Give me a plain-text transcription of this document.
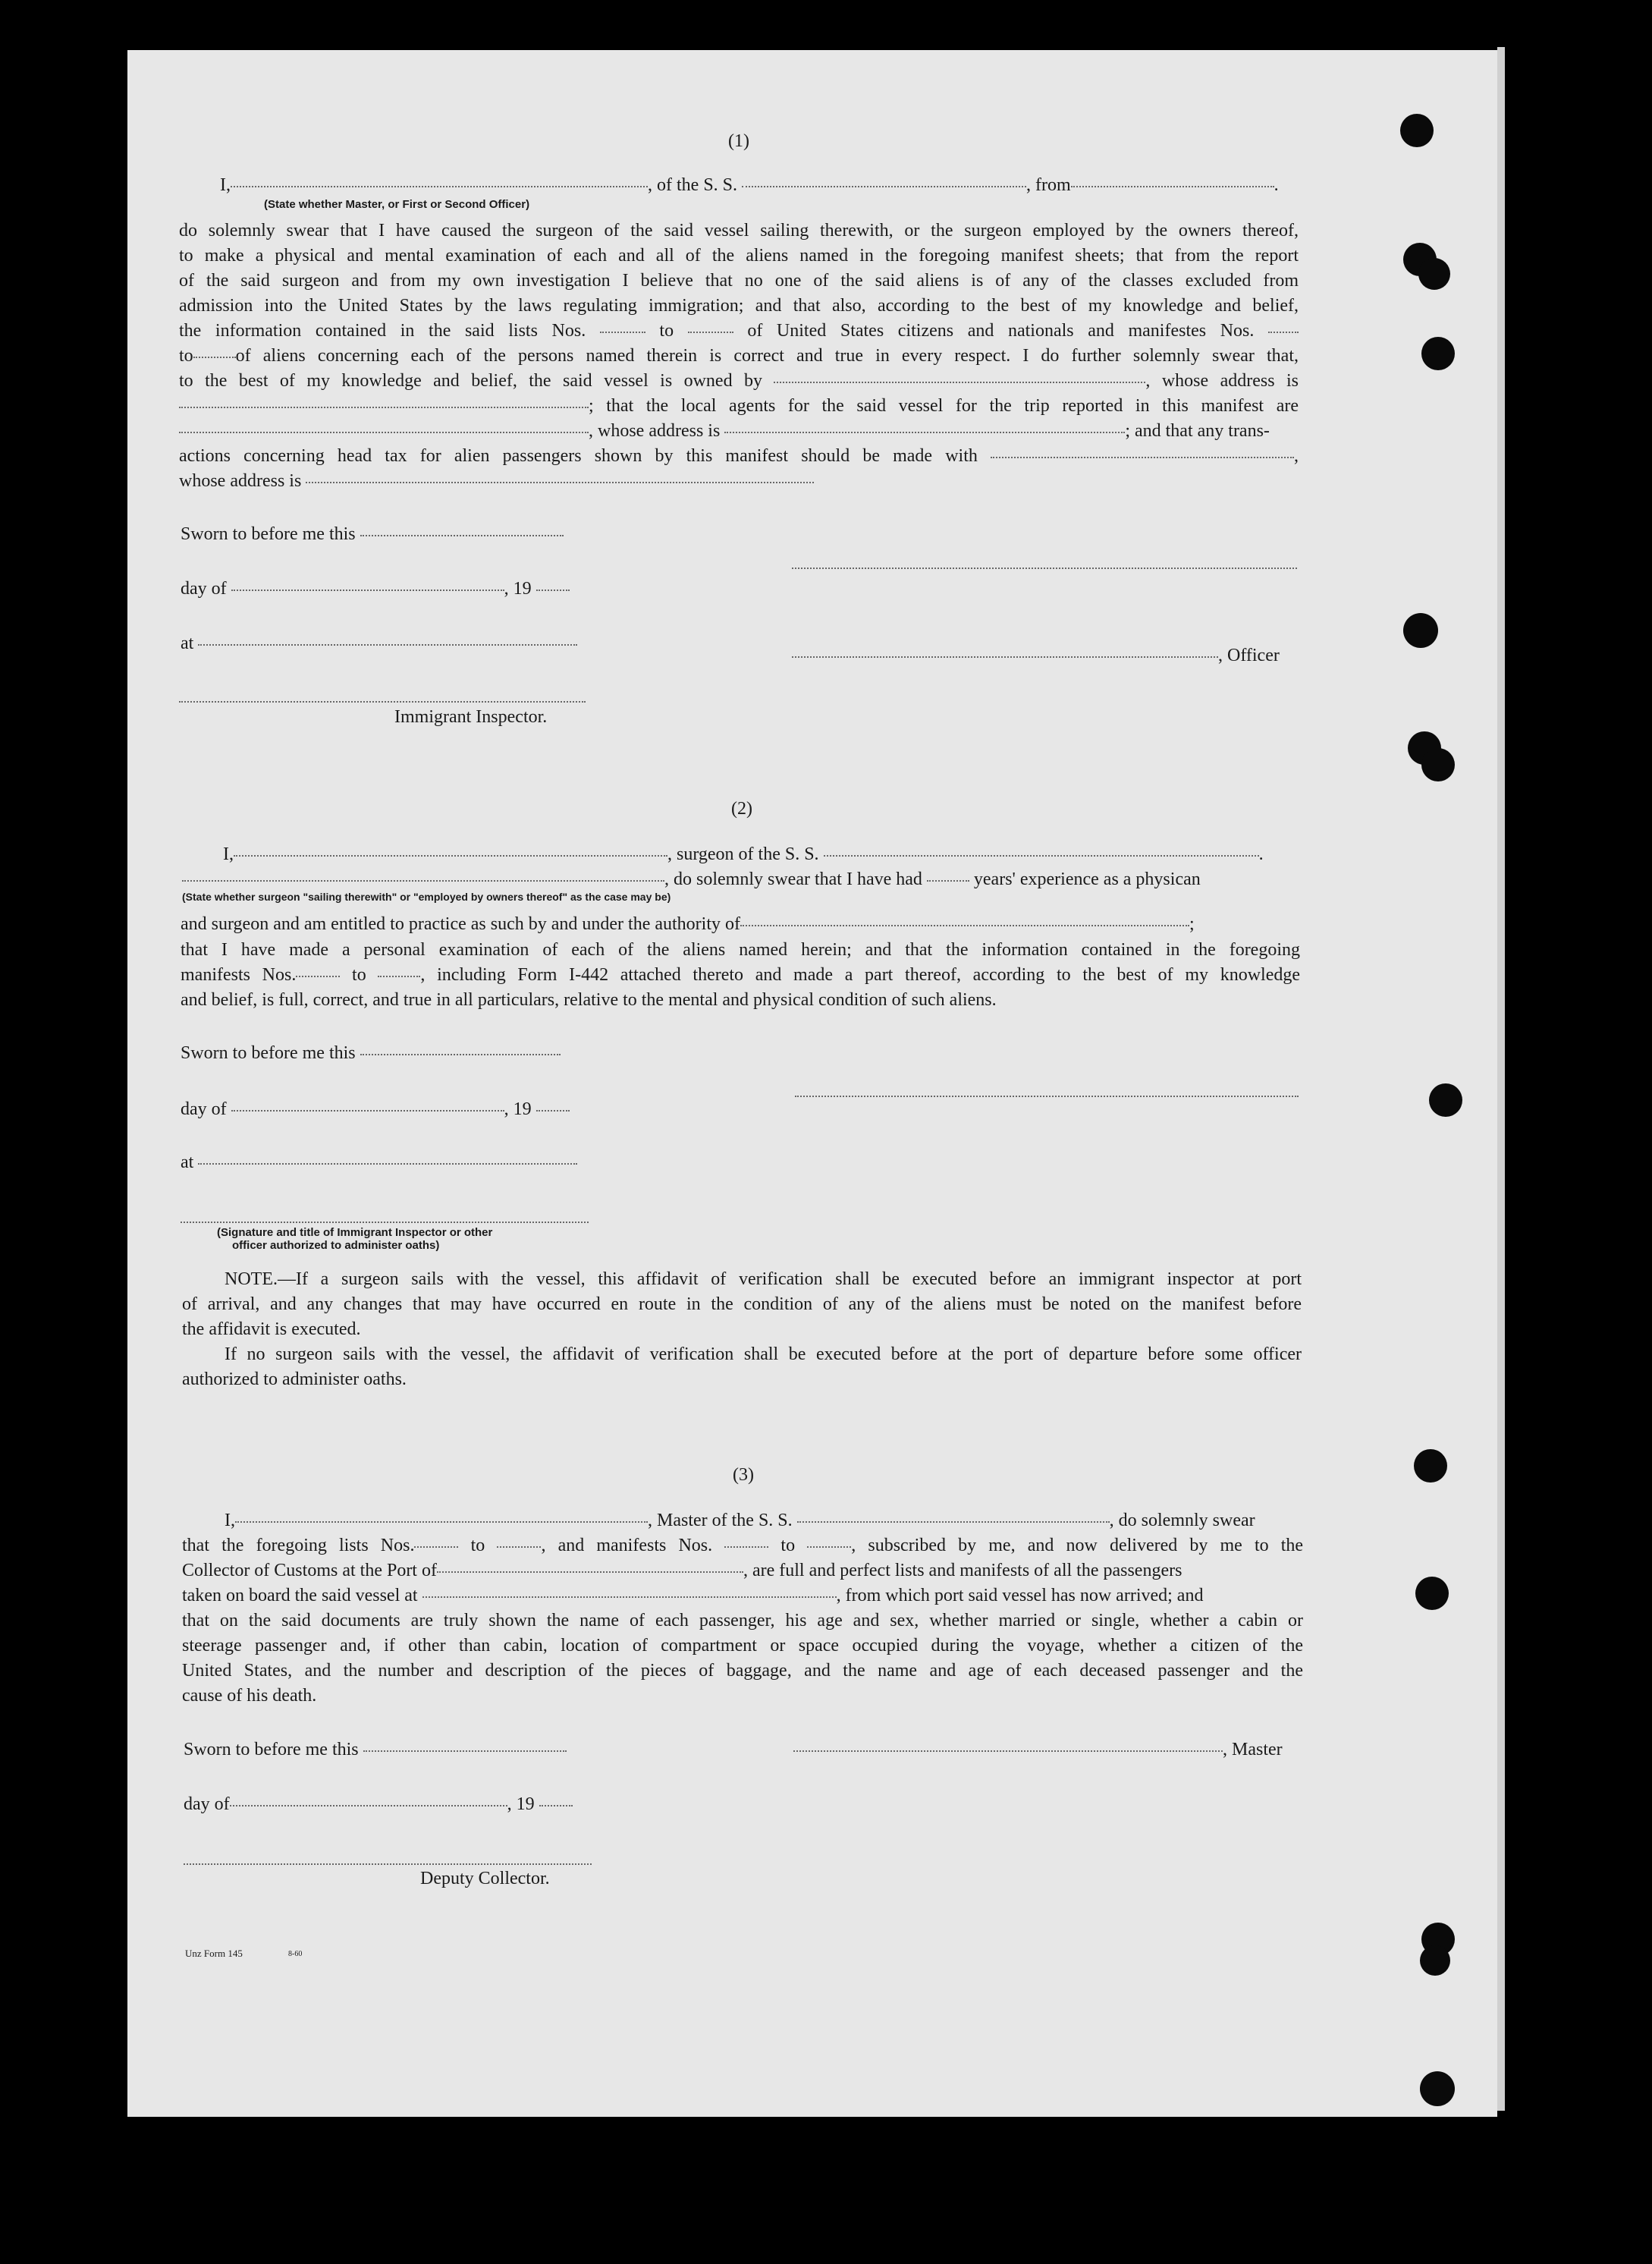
(1)
I,	, of the S. S.	, from	.
(State whether Master, or First or Second Officer)
do solemnly swear that I have caused the surgeon of the said vessel sailing therewith, or the surgeon employed by the owners thereof,
to make a physical and mental examination of each and all of the aliens named in the foregoing manifest sheets; that from the report
of the said surgeon and from my own investigation I believe that no one of the said aliens is of any of the classes excluded from
admission into the United States by the laws regulating immigration; and that also, according to the best of my knowledge and belief,
the information contained in the said lists Nos.	to	of United States citizens and nationals and manifestes Nos.
to of aliens concerning each of the persons named therein is correct and true in every respect. I do further solemnly swear that,
to the best of my knowledge and belief, the said vessel is owned by	, whose address is
; that the local agents for the said vessel for the trip reported in this manifest are
, whose address is	; and that any trans-
actions concerning head tax for alien passengers shown by this manifest should be made with	,
whose address is
Sworn to before me this
day of	, 19
at
, Officer
Immigrant Inspector.
(2)
I,	, surgeon of the S. S.	.
, do solemnly swear that I have had	years' experience as a physican
(State whether surgeon "sailing therewith" or "employed by owners thereof" as the case may be)
and surgeon and am entitled to practice as such by and under the authority of	;
that I have made a personal examination of each of the aliens named herein; and that the information contained in the foregoing
manifests Nos.	to	, including Form I-442 attached thereto and made a part thereof, according to the best of my knowledge
and belief, is full, correct, and true in all particulars, relative to the mental and physical condition of such aliens.
Sworn to before me this
day of	, 19
at
(Signature and title of Immigrant Inspector or other
officer authorized to administer oaths)
NOTE.—If a surgeon sails with the vessel, this affidavit of verification shall be executed before an immigrant inspector at port
of arrival, and any changes that may have occurred en route in the condition of any of the aliens must be noted on the manifest before
the affidavit is executed.
If no surgeon sails with the vessel, the affidavit of verification shall be executed before at the port of departure before some officer
authorized to administer oaths.
(3)
I,	, Master of the S. S.	, do solemnly swear
that the foregoing lists Nos.	to	, and manifests Nos.	to	, subscribed by me, and now delivered by me to the
Collector of Customs at the Port of	, are full and perfect lists and manifests of all the passengers
taken on board the said vessel at	, from which port said vessel has now arrived; and
that on the said documents are truly shown the name of each passenger, his age and sex, whether married or single, whether a cabin or
steerage passenger and, if other than cabin, location of compartment or space occupied during the voyage, whether a citizen of the
United States, and the number and description of the pieces of baggage, and the name and age of each deceased passenger and the
cause of his death.
Sworn to before me this	, Master
day of	, 19
Deputy Collector.
Unz Form 145	8-60
